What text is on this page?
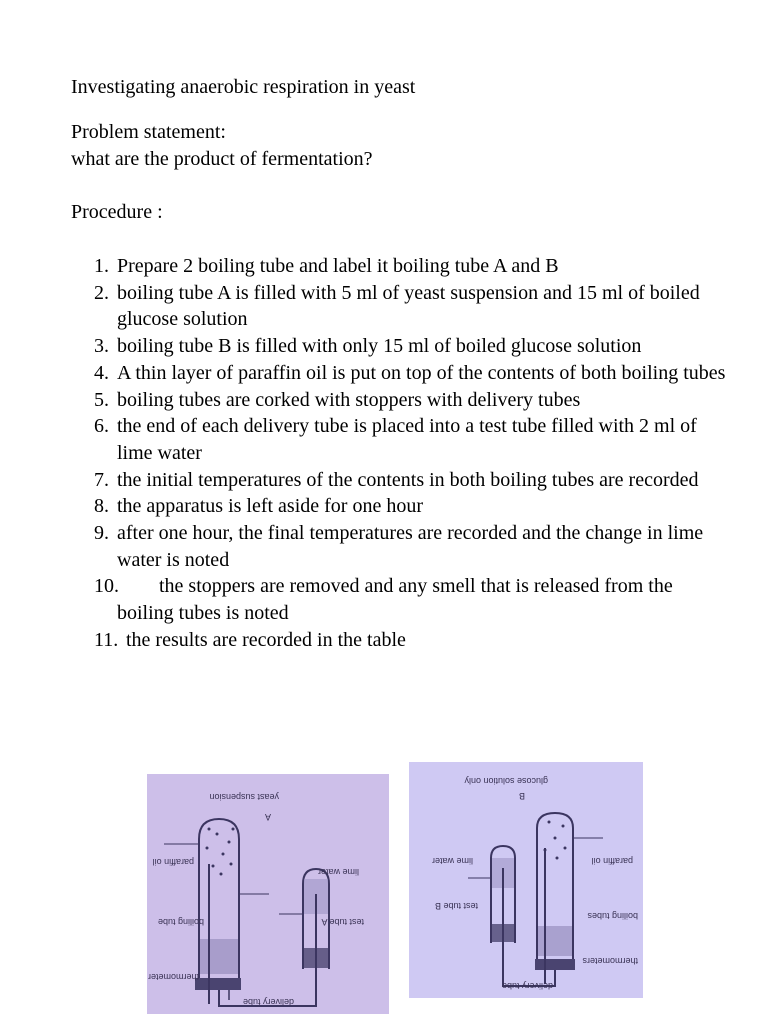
Investigating anaerobic respiration in yeast
Problem statement:
what are the product of fermentation?
Procedure :
1. Prepare 2 boiling tube and label it boiling tube A and B
2. boiling tube A is filled with 5 ml of yeast suspension and 15 ml of boiled glucose solution
3. boiling tube B is filled with only 15 ml of boiled glucose solution
4. A thin layer of paraffin oil is put on top of the contents of both boiling tubes
5. boiling tubes are corked with stoppers with delivery tubes
6. the end of each delivery tube is placed into a test tube filled with 2 ml of lime water
7. the initial temperatures of the contents in both boiling tubes are recorded
8. the apparatus is left aside for one hour
9. after one hour, the final temperatures are recorded and the change in lime water is noted
10.	the stoppers are removed and any smell that is released from the boiling tubes is noted
11. the results are recorded in the table
yeast suspension
A
paraffin oil
lime water
test tube A
boiling tube
thermometer
delivery tube
glucose solution only
B
lime water	paraffin oil
test tube B
boiling tubes
thermometers
delivery tube
